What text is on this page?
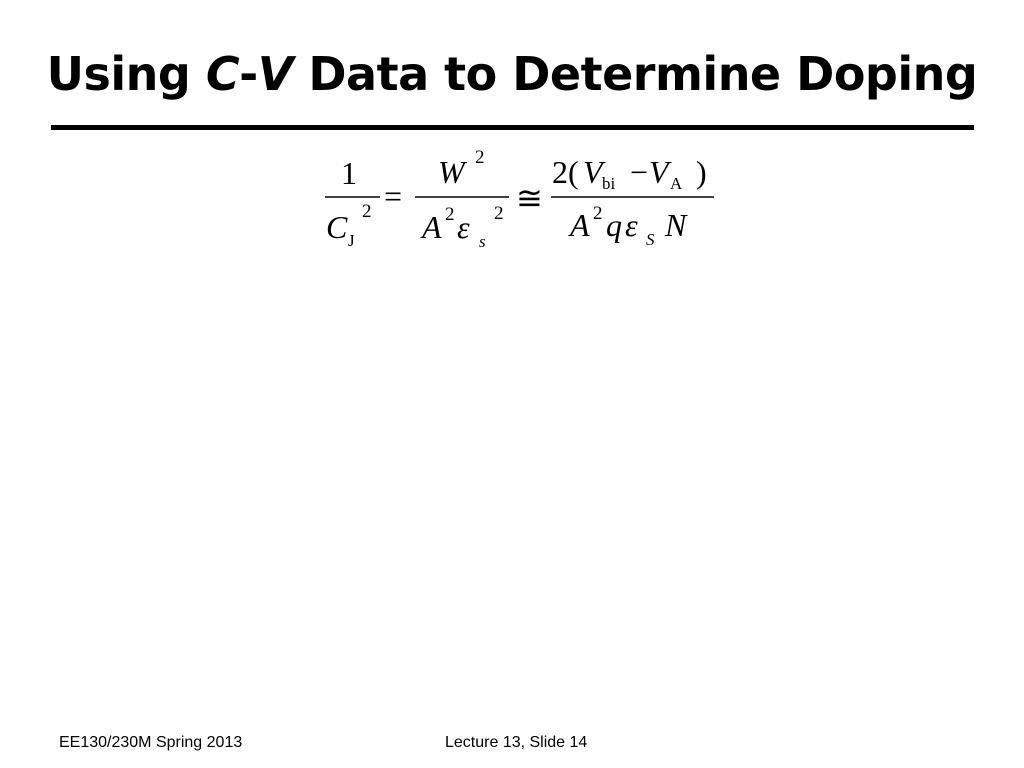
Using C-V Data to Determine Doping
1
C J
2 =
W 2
A 2 ε s
2 ≅
2( V bi − V A )
A 2 q ε S N
EE130/230M Spring 2013	Lecture 13, Slide 14
